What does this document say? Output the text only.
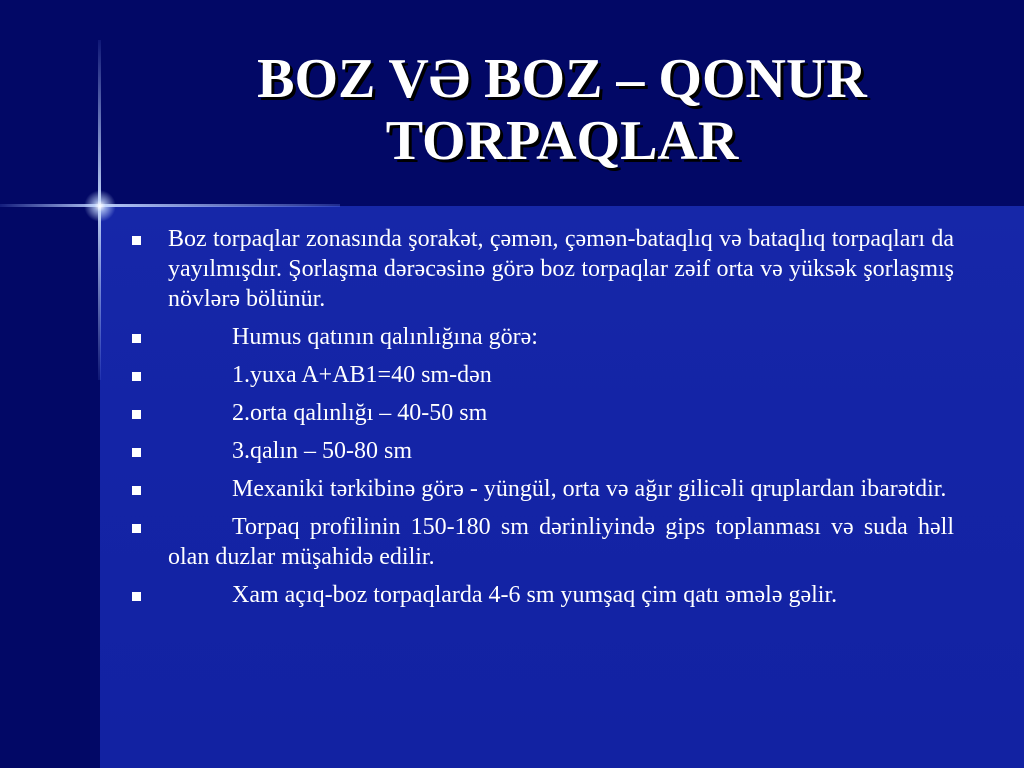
BOZ VƏ BOZ – QONUR
TORPAQLAR
Boz torpaqlar zonasında şorakət, çəmən, çəmən-bataqlıq və bataqlıq torpaqları da yayılmışdır. Şorlaşma dərəcəsinə görə boz torpaqlar zəif orta və yüksək şorlaşmış növlərə bölünür.
Humus qatının qalınlığına görə:
1.yuxa A+AB1=40 sm-dən
2.orta qalınlığı – 40-50 sm
3.qalın – 50-80 sm
Mexaniki tərkibinə görə - yüngül, orta və ağır gilicəli qruplardan ibarətdir.
Torpaq profilinin 150-180 sm dərinliyində gips toplanması və suda həll olan duzlar müşahidə edilir.
Xam açıq-boz torpaqlarda 4-6 sm yumşaq çim qatı əmələ gəlir.
